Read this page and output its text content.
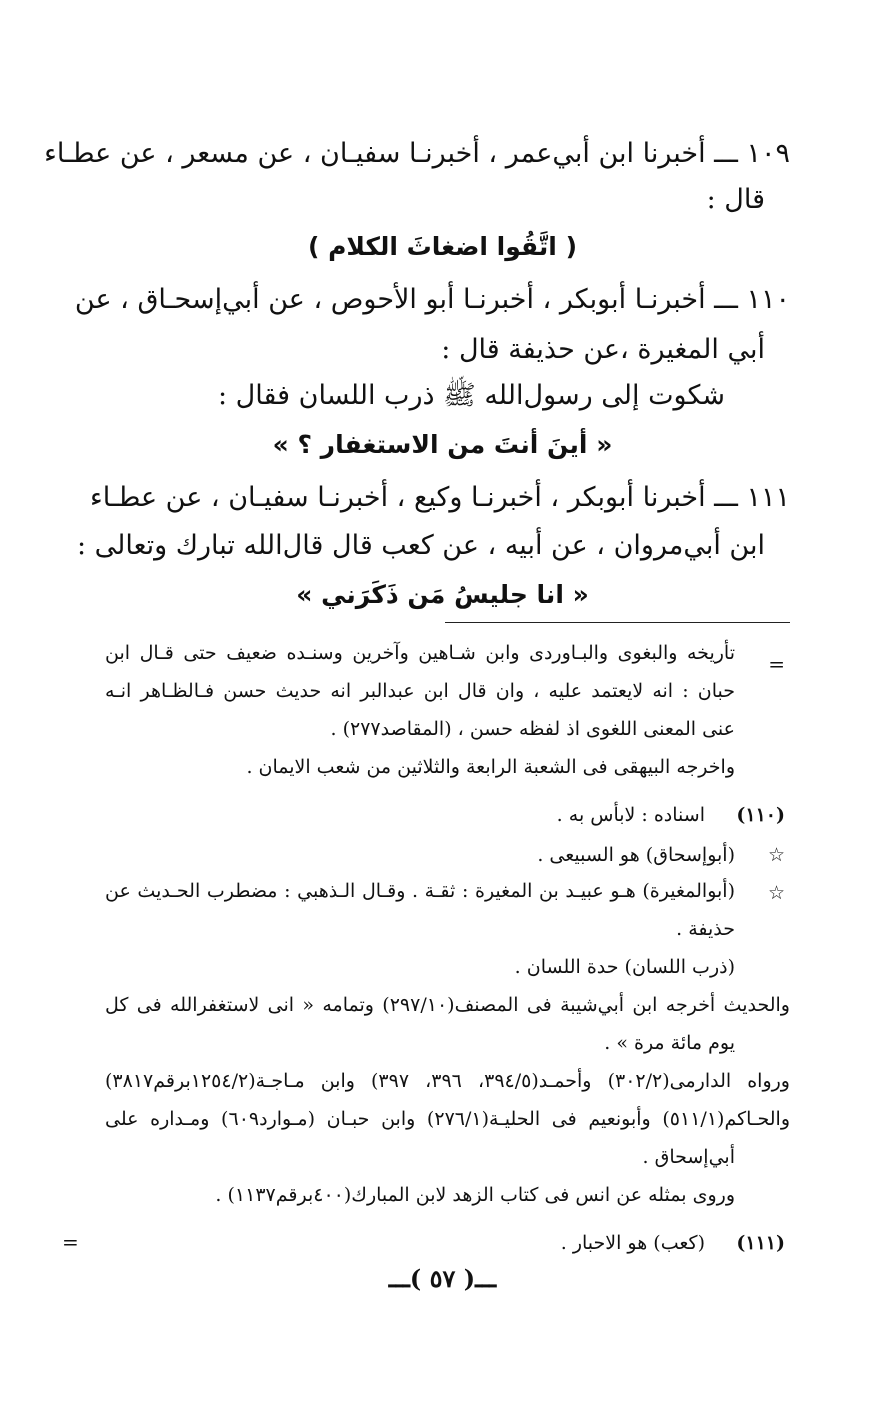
١٠٩ ـــ أخبرنا ابن أبي‌عمر ، أخبرنـا سفيـان ، عن مسعر ، عن عطـاء
قال :
( اتَّقُوا اضغاثَ الكلام )
١١٠ ـــ أخبرنـا أبوبكر ، أخبرنـا أبو الأحوص ، عن أبي‌إسحـاق ، عن
أبي المغيرة ،عن حذيفة قال :
شكوت إلى رسول‌الله ﷺ ذرب اللسان فقال :
« أينَ أنتَ من الاستغفار ؟ »
١١١ ـــ أخبرنا أبوبكر ، أخبرنـا وكيع ، أخبرنـا سفيـان ، عن عطـاء
ابن أبي‌مروان ، عن أبيه ، عن كعب قال قال‌الله تبارك وتعالى :
« انا جليسُ مَن ذَكَرَني »
=
تأريخه والبغوى والبـاوردى وابن شـاهين وآخرين وسنـده ضعيف حتى قـال ابن
حبان : انه لايعتمد عليه ، وان قال ابن عبدالبر انه حديث حسن فـالظـاهر انـه
عنى المعنى اللغوى اذ لفظه حسن ، (المقاصد٢٧٧) .
واخرجه البيهقى فى الشعبة الرابعة والثلاثين من شعب الايمان .
(١١٠)
اسناده : لابأس به .
☆
(أبوإسحاق) هو السبيعى .
☆
(أبوالمغيرة) هـو عبيـد بن المغيرة : ثقـة . وقـال الـذهبي : مضطرب الحـديث عن
حذيفة .
(ذرب اللسان) حدة اللسان .
والحديث أخرجه ابن أبي‌شيبة فى المصنف(٢٩٧/١٠) وتمامه « انى لاستغفرالله فى كل
يوم مائة مرة » .
ورواه الدارمى(٣٠٢/٢) وأحمـد(٣٩٤/٥، ٣٩٦، ٣٩٧) وابن مـاجـة(١٢٥٤/٢برقم٣٨١٧)
والحـاكم(٥١١/١) وأبونعيم فى الحليـة(٢٧٦/١) وابن حبـان (مـوارد٦٠٩) ومـداره على
أبي‌إسحاق .
وروى بمثله عن انس فى كتاب الزهد لابن المبارك(٤٠٠برقم١١٣٧) .
=	(١١١)
(كعب) هو الاحبار .
ـــ( ٥٧ )ـــ
